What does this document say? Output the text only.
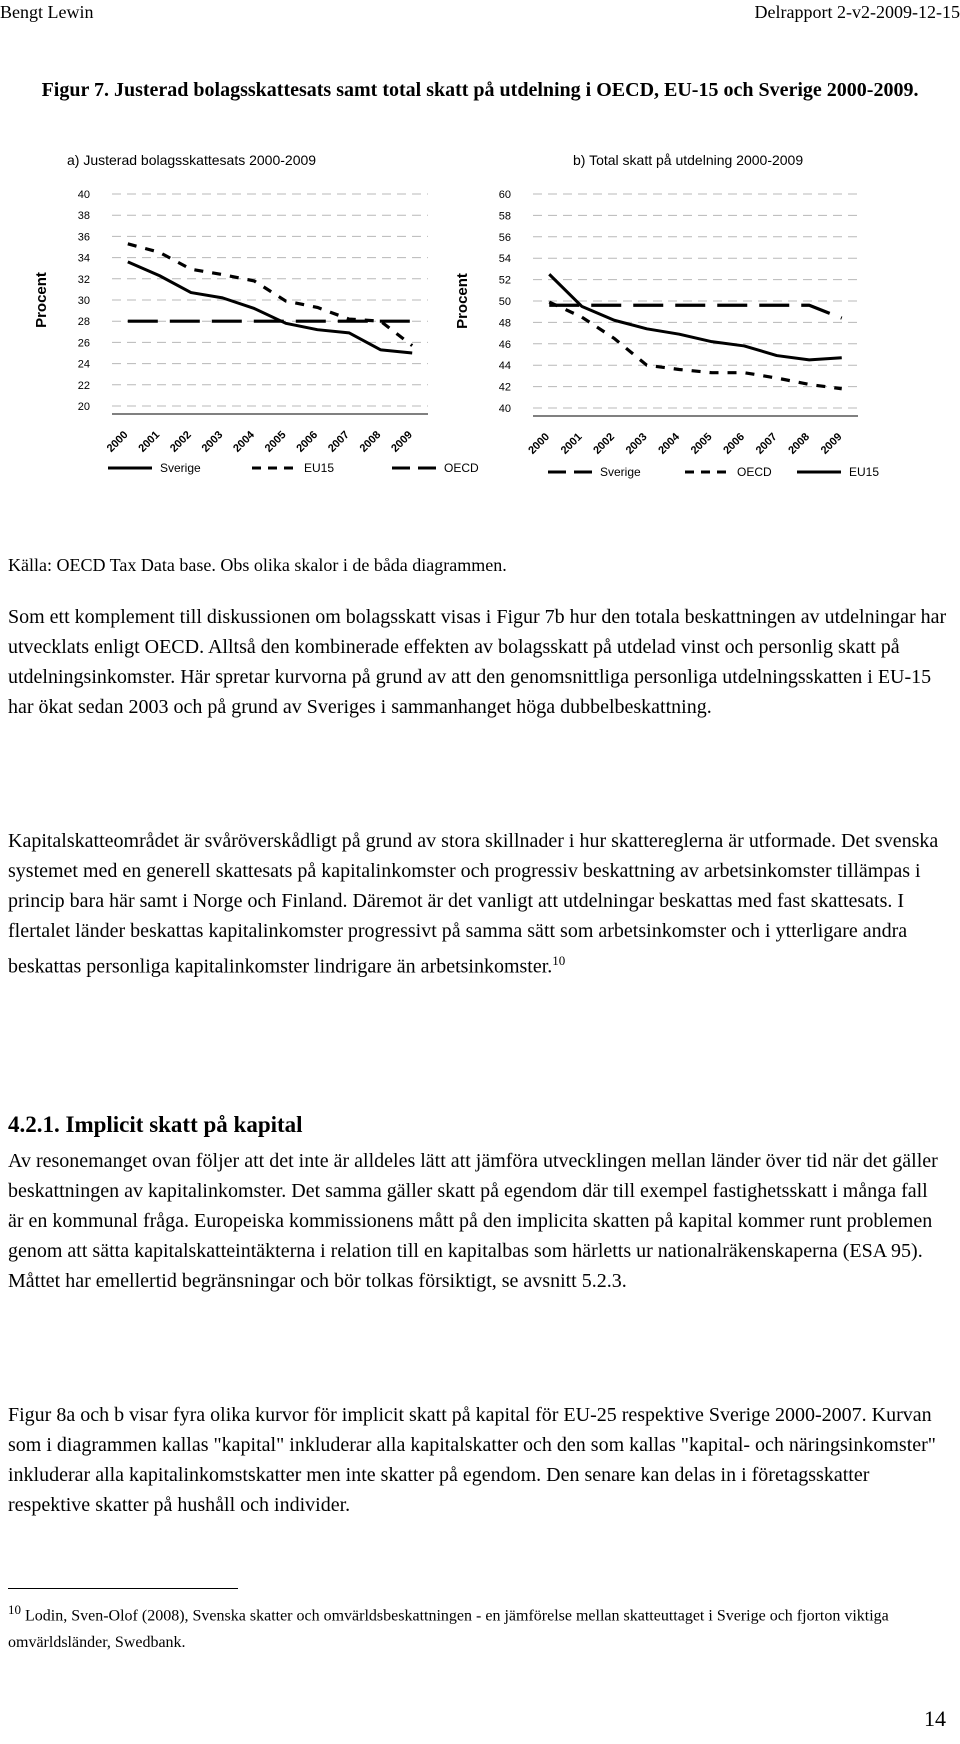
Bengt Lewin	Delrapport 2-v2-2009-12-15
Figur 7. Justerad bolagsskattesats samt total skatt på utdelning i OECD, EU-15 och Sverige 2000-2009.
a) Justerad bolagsskattesats 2000-2009	b) Total skatt på utdelning 2000-2009
20
22
24
26
28
30
32
34
36
38
40
Procent
2000 2001 2002 2003 2004 2005 2006 2007 2008 2009
Sverige	EU15	OECD
40
42
44
46
48
50
52
54
56
58
60
Procent
2000 2001 2002 2003 2004 2005 2006 2007 2008 2009
Sverige	OECD	EU15
Källa: OECD Tax Data base. Obs olika skalor i de båda diagrammen.

Som ett komplement till diskussionen om bolagsskatt visas i Figur 7b hur den totala beskattningen av utdelningar har utvecklats enligt OECD. Alltså den kombinerade effekten av bolagsskatt på utdelad vinst och personlig skatt på utdelningsinkomster. Här spretar kurvorna på grund av att den genomsnittliga personliga utdelningsskatten i EU-15 har ökat sedan 2003 och på grund av Sveriges i sammanhanget höga dubbelbeskattning.

Kapitalskatteområdet är svåröverskådligt på grund av stora skillnader i hur skattereglerna är utformade. Det svenska systemet med en generell skattesats på kapitalinkomster och progressiv beskattning av arbetsinkomster tillämpas i princip bara här samt i Norge och Finland. Däremot är det vanligt att utdelningar beskattas med fast skattesats. I flertalet länder beskattas kapitalinkomster progressivt på samma sätt som arbetsinkomster och i ytterligare andra beskattas personliga kapitalinkomster lindrigare än arbetsinkomster.$^{10}$

4.2.1. Implicit skatt på kapital

Av resonemanget ovan följer att det inte är alldeles lätt att jämföra utvecklingen mellan länder över tid när det gäller beskattningen av kapitalinkomster. Det samma gäller skatt på egendom där till exempel fastighetsskatt i många fall är en kommunal fråga. Europeiska kommissionens mått på den implicita skatten på kapital kommer runt problemen genom att sätta kapitalskatteintäkterna i relation till en kapitalbas som härletts ur nationalräkenskaperna (ESA 95). Måttet har emellertid begränsningar och bör tolkas försiktigt, se avsnitt 5.2.3.

Figur 8a och b visar fyra olika kurvor för implicit skatt på kapital för EU-25 respektive Sverige 2000-2007. Kurvan som i diagrammen kallas "kapital" inkluderar alla kapitalskatter och den som kallas "kapital- och näringsinkomster" inkluderar alla kapitalinkomstskatter men inte skatter på egendom. Den senare kan delas in i företagsskatter respektive skatter på hushåll och individer.

$^{10}$ Lodin, Sven-Olof (2008), Svenska skatter och omvärldsbeskattningen - en jämförelse mellan skatteuttaget i Sverige och fjorton viktiga omvärldsländer, Swedbank.
14
